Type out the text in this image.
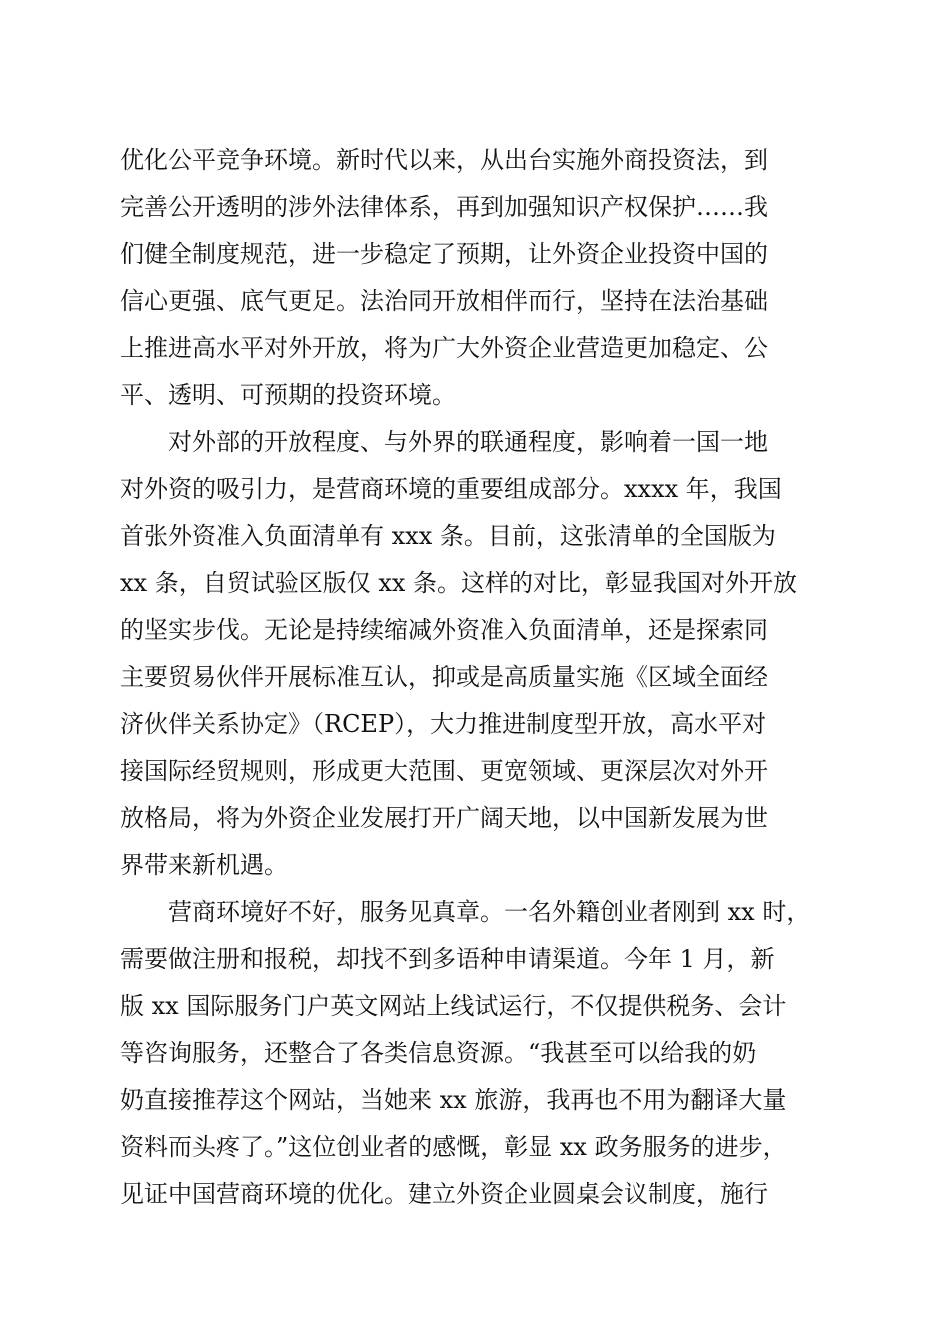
优化公平竞争环境。新时代以来，从出台实施外商投资法，到

完善公开透明的涉外法律体系，再到加强知识产权保护……我

们健全制度规范，进一步稳定了预期，让外资企业投资中国的

信心更强、底气更足。法治同开放相伴而行，坚持在法治基础

上推进高水平对外开放，将为广大外资企业营造更加稳定、公

平、透明、可预期的投资环境。

对外部的开放程度、与外界的联通程度，影响着一国一地

对外资的吸引力，是营商环境的重要组成部分。xxxx 年，我国

首张外资准入负面清单有 xxx 条。目前，这张清单的全国版为

xx 条，自贸试验区版仅 xx 条。这样的对比，彰显我国对外开放

的坚实步伐。无论是持续缩减外资准入负面清单，还是探索同

主要贸易伙伴开展标准互认，抑或是高质量实施《区域全面经

济伙伴关系协定》（RCEP），大力推进制度型开放，高水平对

接国际经贸规则，形成更大范围、更宽领域、更深层次对外开

放格局，将为外资企业发展打开广阔天地，以中国新发展为世

界带来新机遇。

营商环境好不好，服务见真章。一名外籍创业者刚到 xx 时，

需要做注册和报税，却找不到多语种申请渠道。今年 1 月，新

版 xx 国际服务门户英文网站上线试运行，不仅提供税务、会计

等咨询服务，还整合了各类信息资源。“我甚至可以给我的奶

奶直接推荐这个网站，当她来 xx 旅游，我再也不用为翻译大量

资料而头疼了。”这位创业者的感慨，彰显 xx 政务服务的进步，

见证中国营商环境的优化。建立外资企业圆桌会议制度，施行
